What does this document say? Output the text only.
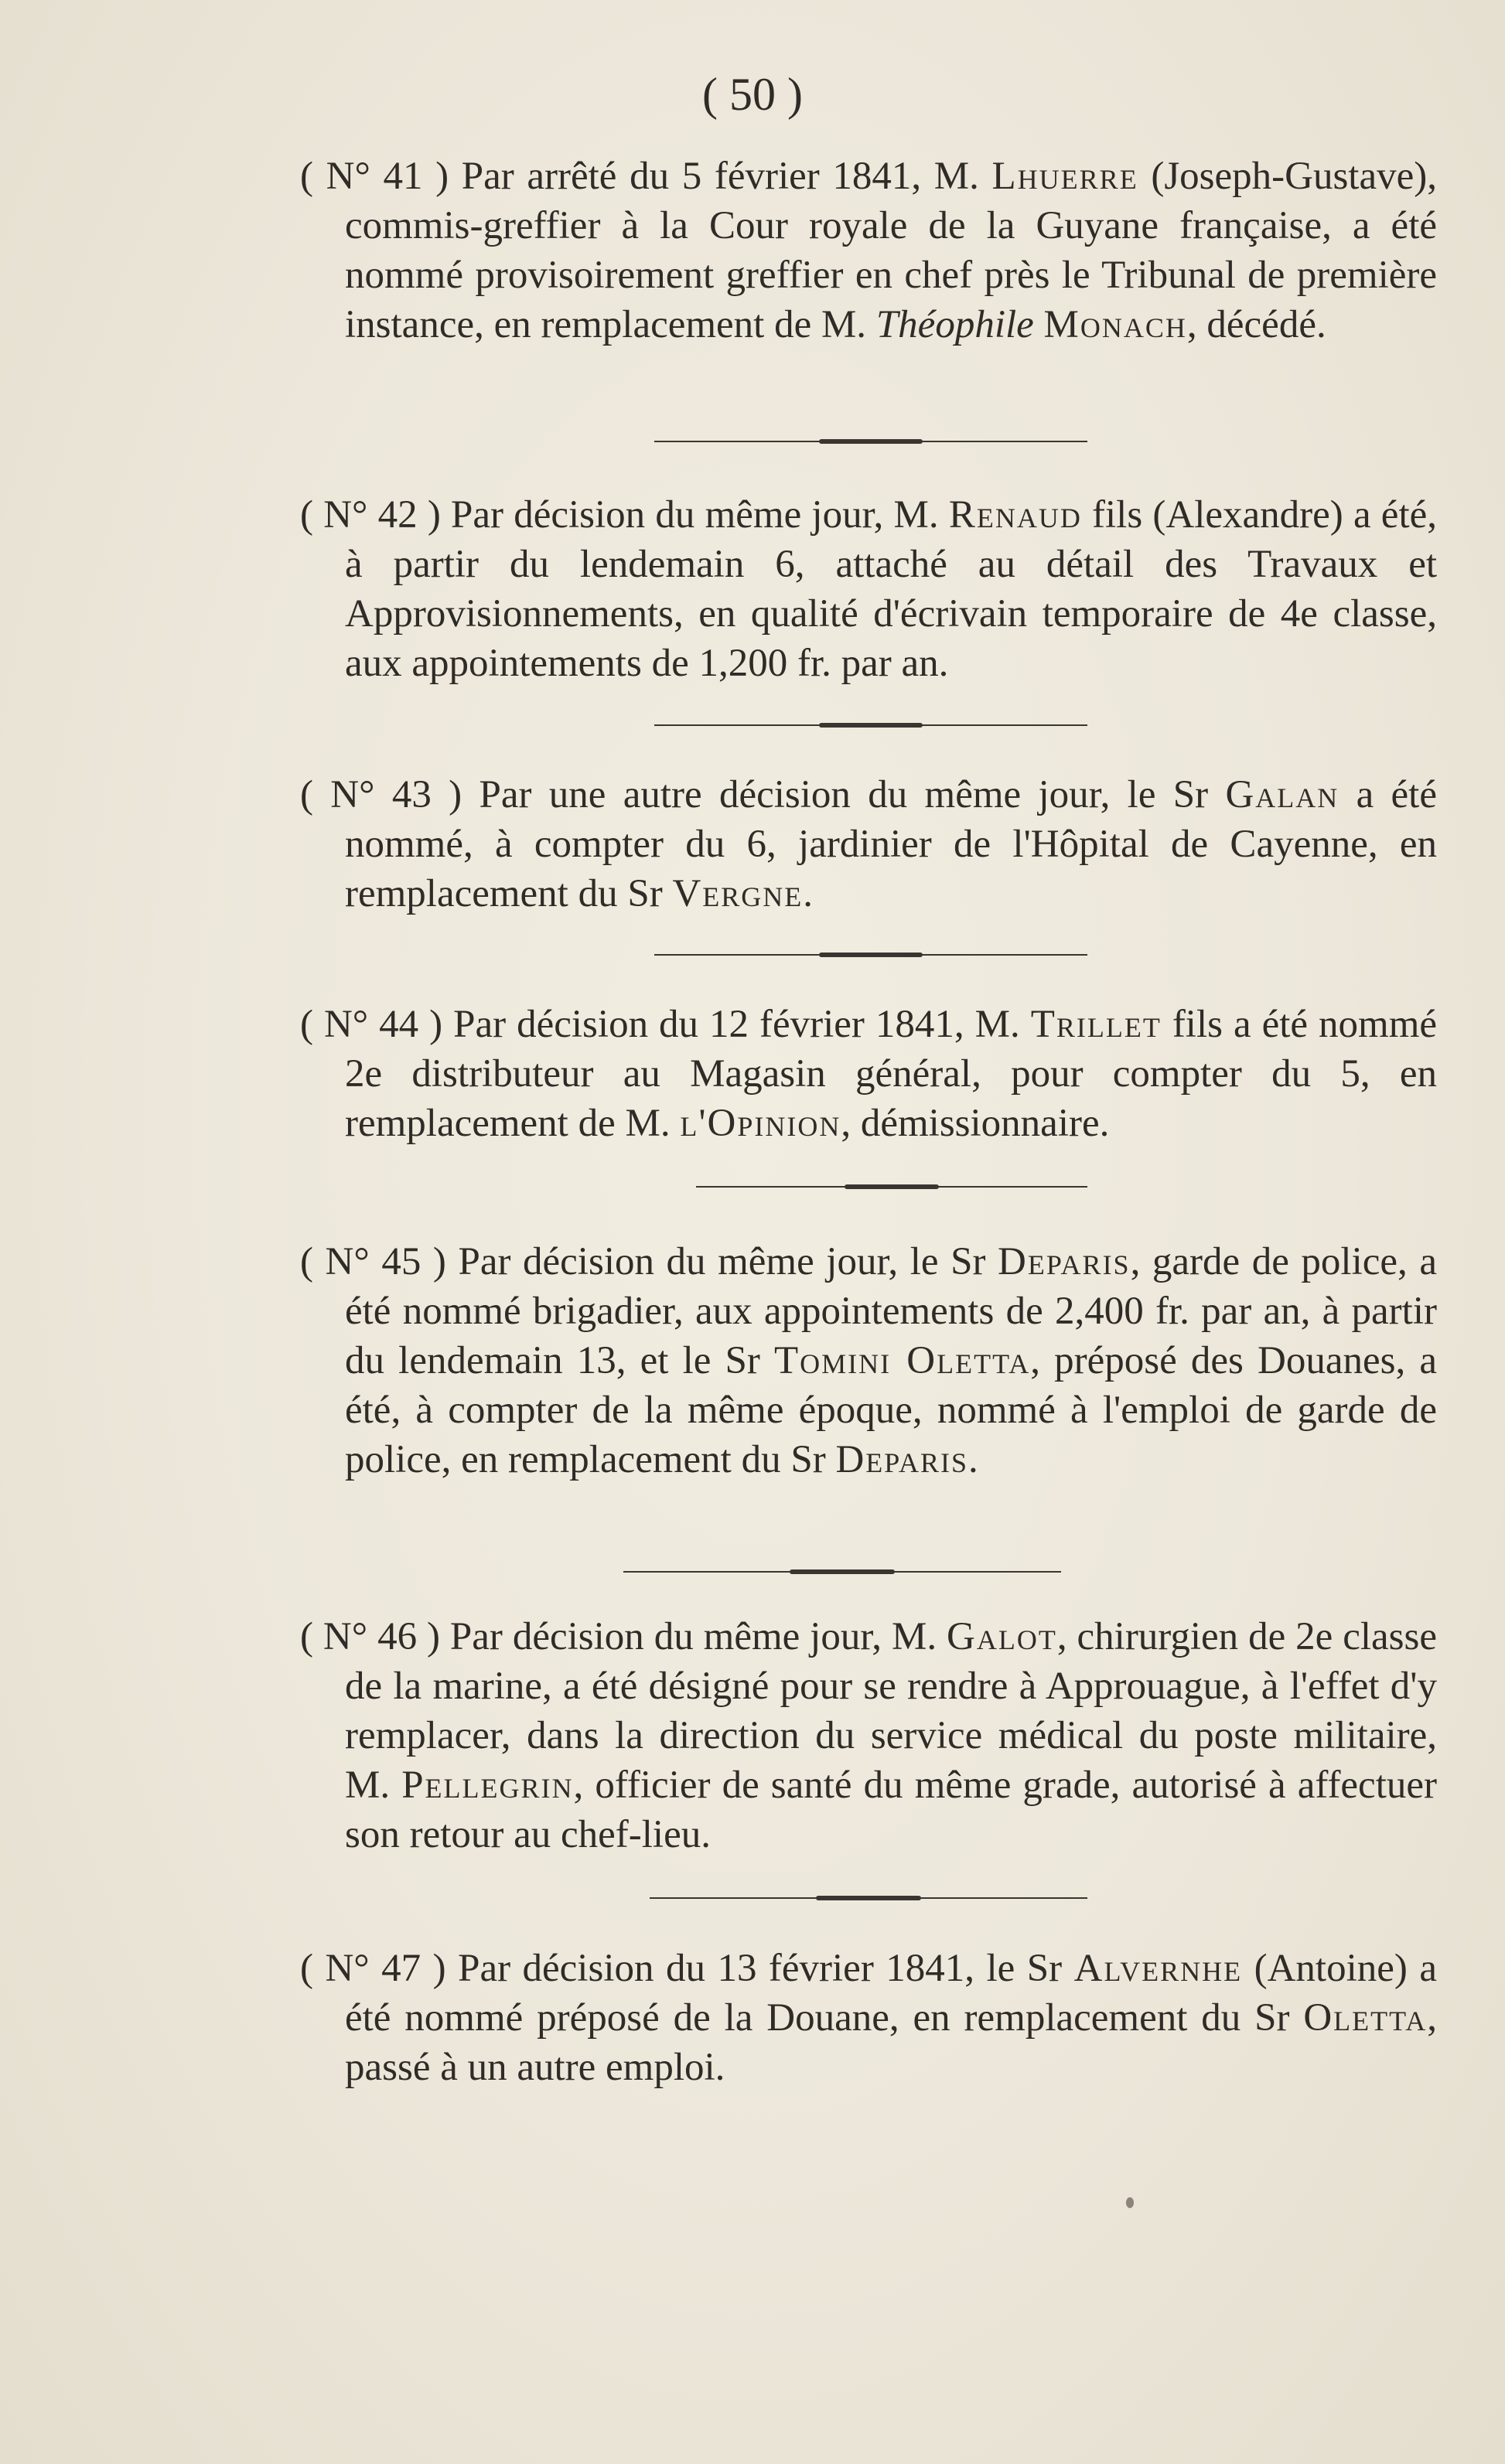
( 50 )

( N° 41 ) Par arrêté du 5 février 1841, M. Lhuerre (Joseph-Gustave), commis-greffier à la Cour royale de la Guyane française, a été nommé provisoirement greffier en chef près le Tribunal de première instance, en remplacement de M. Théophile Monach, décédé.

( N° 42 ) Par décision du même jour, M. Renaud fils (Alexandre) a été, à partir du lendemain 6, attaché au détail des Travaux et Approvisionnements, en qualité d'écrivain temporaire de 4e classe, aux appointements de 1,200 fr. par an.

( N° 43 ) Par une autre décision du même jour, le Sr Galan a été nommé, à compter du 6, jardinier de l'Hôpital de Cayenne, en remplacement du Sr Vergne.

( N° 44 ) Par décision du 12 février 1841, M. Trillet fils a été nommé 2e distributeur au Magasin général, pour compter du 5, en remplacement de M. l'Opinion, démissionnaire.

( N° 45 ) Par décision du même jour, le Sr Deparis, garde de police, a été nommé brigadier, aux appointements de 2,400 fr. par an, à partir du lendemain 13, et le Sr Tomini Oletta, préposé des Douanes, a été, à compter de la même époque, nommé à l'emploi de garde de police, en remplacement du Sr Deparis.

( N° 46 ) Par décision du même jour, M. Galot, chirurgien de 2e classe de la marine, a été désigné pour se rendre à Approuague, à l'effet d'y remplacer, dans la direction du service médical du poste militaire, M. Pellegrin, officier de santé du même grade, autorisé à affectuer son retour au chef-lieu.

( N° 47 ) Par décision du 13 février 1841, le Sr Alvernhe (Antoine) a été nommé préposé de la Douane, en remplacement du Sr Oletta, passé à un autre emploi.
